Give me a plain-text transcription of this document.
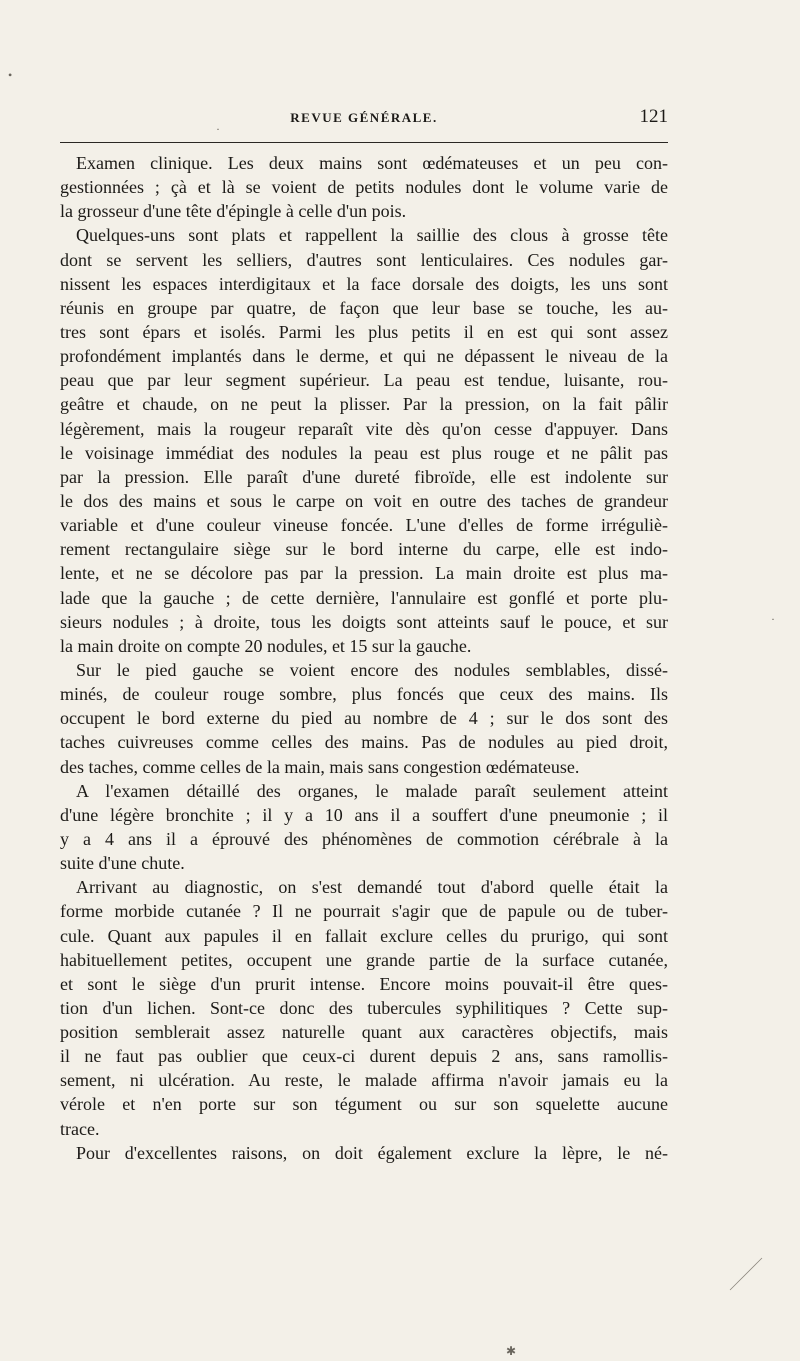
REVUE GÉNÉRALE.	121
Examen clinique. Les deux mains sont œdémateuses et un peu con-
gestionnées ; çà et là se voient de petits nodules dont le volume varie de
la grosseur d'une tête d'épingle à celle d'un pois.
Quelques-uns sont plats et rappellent la saillie des clous à grosse tête
dont se servent les selliers, d'autres sont lenticulaires. Ces nodules gar-
nissent les espaces interdigitaux et la face dorsale des doigts, les uns sont
réunis en groupe par quatre, de façon que leur base se touche, les au-
tres sont épars et isolés. Parmi les plus petits il en est qui sont assez
profondément implantés dans le derme, et qui ne dépassent le niveau de la
peau que par leur segment supérieur. La peau est tendue, luisante, rou-
geâtre et chaude, on ne peut la plisser. Par la pression, on la fait pâlir
légèrement, mais la rougeur reparaît vite dès qu'on cesse d'appuyer. Dans
le voisinage immédiat des nodules la peau est plus rouge et ne pâlit pas
par la pression. Elle paraît d'une dureté fibroïde, elle est indolente sur
le dos des mains et sous le carpe on voit en outre des taches de grandeur
variable et d'une couleur vineuse foncée. L'une d'elles de forme irréguliè-
rement rectangulaire siège sur le bord interne du carpe, elle est indo-
lente, et ne se décolore pas par la pression. La main droite est plus ma-
lade que la gauche ; de cette dernière, l'annulaire est gonflé et porte plu-
sieurs nodules ; à droite, tous les doigts sont atteints sauf le pouce, et sur
la main droite on compte 20 nodules, et 15 sur la gauche.
Sur le pied gauche se voient encore des nodules semblables, dissé-
minés, de couleur rouge sombre, plus foncés que ceux des mains. Ils
occupent le bord externe du pied au nombre de 4 ; sur le dos sont des
taches cuivreuses comme celles des mains. Pas de nodules au pied droit,
des taches, comme celles de la main, mais sans congestion œdémateuse.
A l'examen détaillé des organes, le malade paraît seulement atteint
d'une légère bronchite ; il y a 10 ans il a souffert d'une pneumonie ; il
y a 4 ans il a éprouvé des phénomènes de commotion cérébrale à la
suite d'une chute.
Arrivant au diagnostic, on s'est demandé tout d'abord quelle était la
forme morbide cutanée ? Il ne pourrait s'agir que de papule ou de tuber-
cule. Quant aux papules il en fallait exclure celles du prurigo, qui sont
habituellement petites, occupent une grande partie de la surface cutanée,
et sont le siège d'un prurit intense. Encore moins pouvait-il être ques-
tion d'un lichen. Sont-ce donc des tubercules syphilitiques ? Cette sup-
position semblerait assez naturelle quant aux caractères objectifs, mais
il ne faut pas oublier que ceux-ci durent depuis 2 ans, sans ramollis-
sement, ni ulcération. Au reste, le malade affirma n'avoir jamais eu la
vérole et n'en porte sur son tégument ou sur son squelette aucune
trace.
Pour d'excellentes raisons, on doit également exclure la lèpre, le né-
•
·
·
✱
